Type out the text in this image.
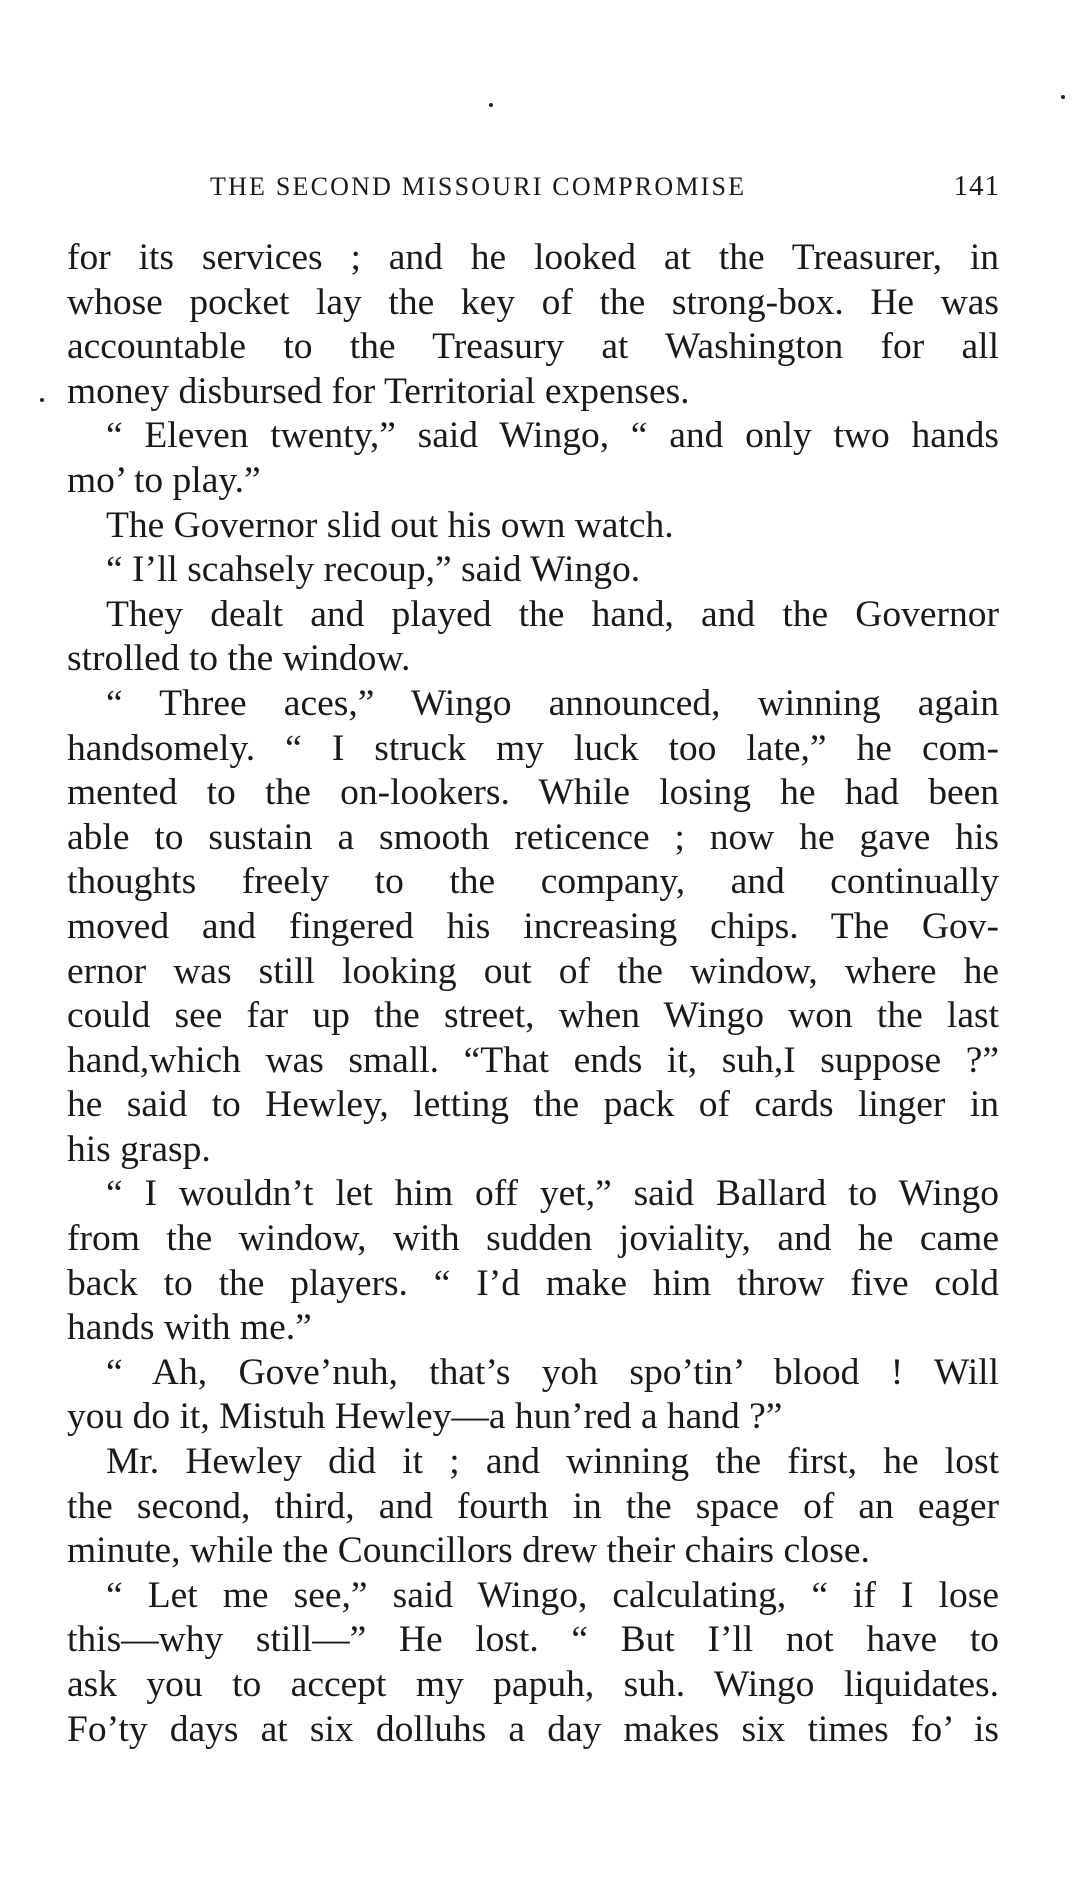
THE SECOND MISSOURI COMPROMISE	141
for its services ; and he looked at the Treasurer, in
whose pocket lay the key of the strong-box. He was
accountable to the Treasury at Washington for all
money disbursed for Territorial expenses.
“ Eleven twenty,” said Wingo, “ and only two hands
mo’ to play.”
The Governor slid out his own watch.
“ I’ll scahsely recoup,” said Wingo.
They dealt and played the hand, and the Governor
strolled to the window.
“ Three aces,” Wingo announced, winning again
handsomely. “ I struck my luck too late,” he com-
mented to the on-lookers. While losing he had been
able to sustain a smooth reticence ; now he gave his
thoughts freely to the company, and continually
moved and fingered his increasing chips. The Gov-
ernor was still looking out of the window, where he
could see far up the street, when Wingo won the last
hand,which was small. “That ends it, suh,I suppose ?”
he said to Hewley, letting the pack of cards linger in
his grasp.
“ I wouldn’t let him off yet,” said Ballard to Wingo
from the window, with sudden joviality, and he came
back to the players. “ I’d make him throw five cold
hands with me.”
“ Ah, Gove’nuh, that’s yoh spo’tin’ blood ! Will
you do it, Mistuh Hewley—a hun’red a hand ?”
Mr. Hewley did it ; and winning the first, he lost
the second, third, and fourth in the space of an eager
minute, while the Councillors drew their chairs close.
“ Let me see,” said Wingo, calculating, “ if I lose
this—why still—” He lost. “ But I’ll not have to
ask you to accept my papuh, suh. Wingo liquidates.
Fo’ty days at six dolluhs a day makes six times fo’ is
